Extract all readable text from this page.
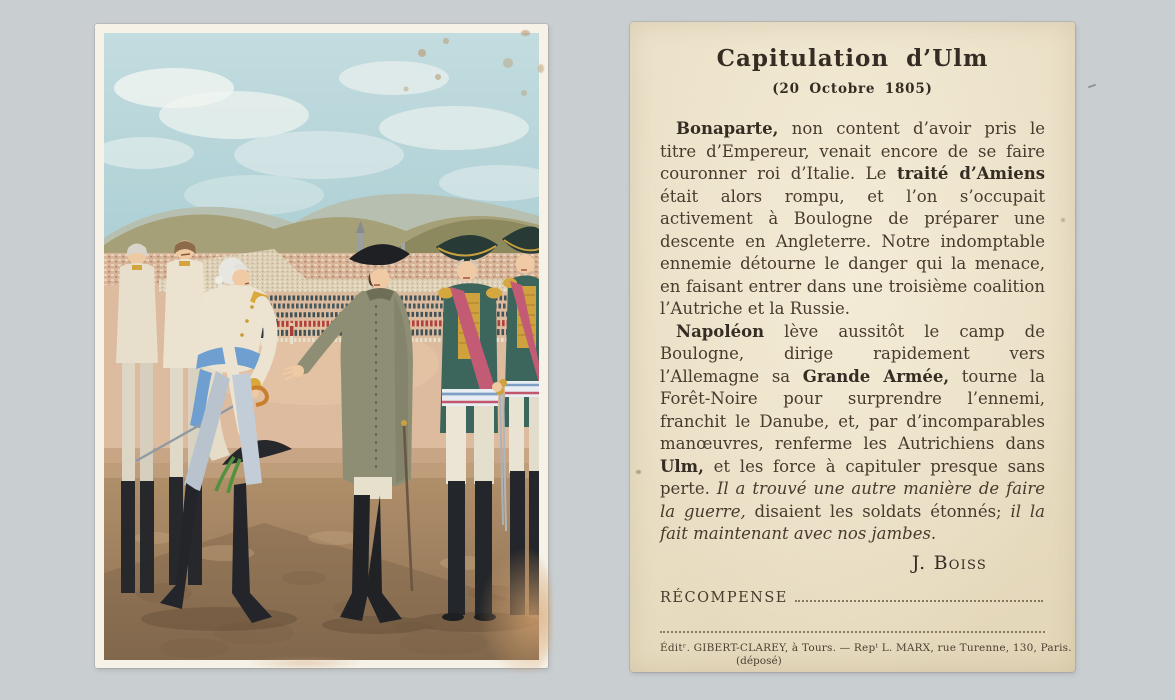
Capitulation d’Ulm
(20 Octobre 1805)

Bonaparte, non content d’avoir pris le titre d’Empereur, venait encore de se faire couronner roi d’Italie. Le traité d’Amiens était alors rompu, et l’on s’occupait activement à Boulogne de préparer une descente en Angleterre. Notre indomptable ennemie détourne le danger qui la menace, en faisant entrer dans une troisième coalition l’Autriche et la Russie.

Napoléon lève aussitôt le camp de Boulogne, dirige rapidement vers l’Allemagne sa Grande Armée, tourne la Forêt-Noire pour surprendre l’ennemi, franchit le Danube, et, par d’incomparables manœuvres, renferme les Autrichiens dans Ulm, et les force à capituler presque sans perte. Il a trouvé une autre manière de faire la guerre, disaient les soldats étonnés; il la fait maintenant avec nos jambes.

J. Boiss
RÉCOMPENSE
Éditʳ. GIBERT-CLAREY, à Tours. — Repᵗ L. MARX, rue Turenne, 130, Paris.
(déposé)
